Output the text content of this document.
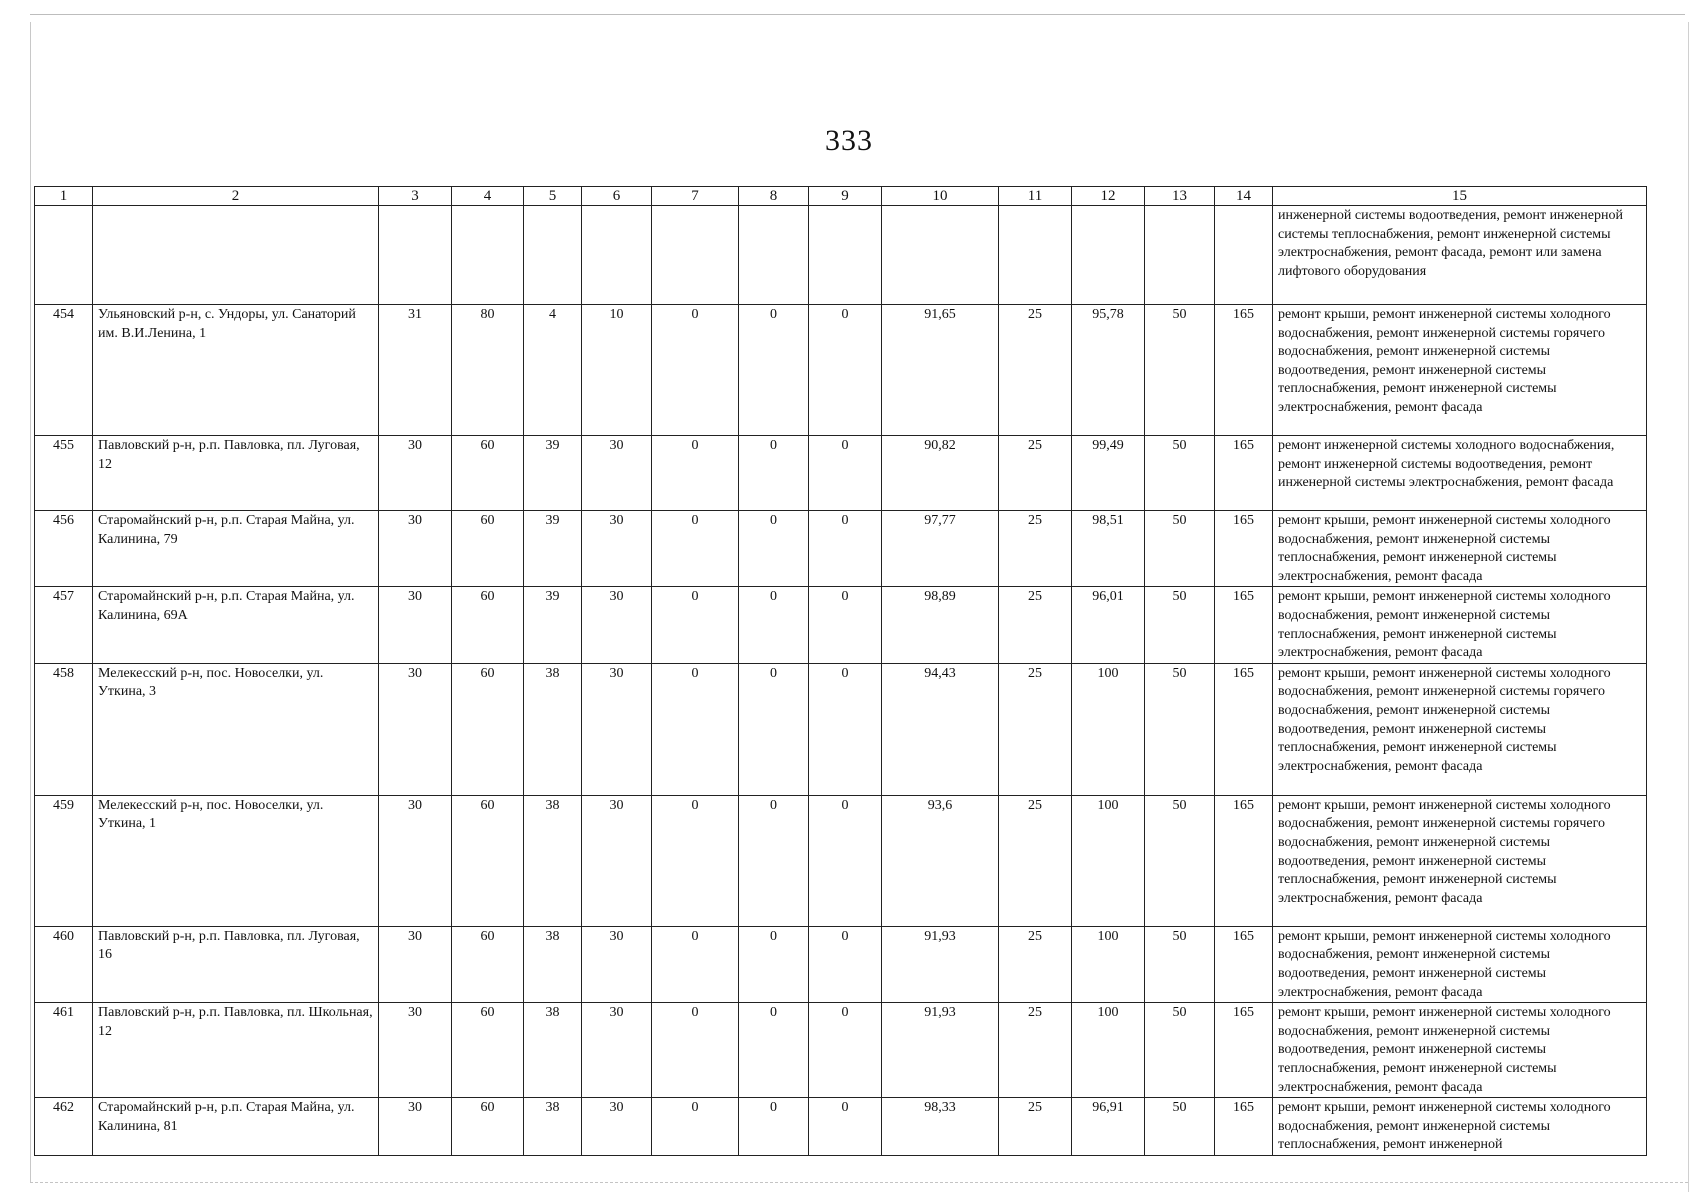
333
1	2	3	4	5	6	7	8	9	10	11	12	13	14	15
														инженерной системы водоотведения, ремонт инженерной системы теплоснабжения, ремонт инженерной системы электроснабжения, ремонт фасада, ремонт или замена лифтового оборудования
454	Ульяновский р-н, с. Ундоры, ул. Санаторий им. В.И.Ленина, 1	31	80	4	10	0	0	0	91,65	25	95,78	50	165	ремонт крыши, ремонт инженерной системы холодного водоснабжения, ремонт инженерной системы горячего водоснабжения, ремонт инженерной системы водоотведения, ремонт инженерной системы теплоснабжения, ремонт инженерной системы электроснабжения, ремонт фасада
455	Павловский р-н, р.п. Павловка, пл. Луговая, 12	30	60	39	30	0	0	0	90,82	25	99,49	50	165	ремонт инженерной системы холодного водоснабжения, ремонт инженерной системы водоотведения, ремонт инженерной системы электроснабжения, ремонт фасада
456	Старомайнский р-н, р.п. Старая Майна, ул. Калинина, 79	30	60	39	30	0	0	0	97,77	25	98,51	50	165	ремонт крыши, ремонт инженерной системы холодного водоснабжения, ремонт инженерной системы теплоснабжения, ремонт инженерной системы электроснабжения, ремонт фасада
457	Старомайнский р-н, р.п. Старая Майна, ул. Калинина, 69А	30	60	39	30	0	0	0	98,89	25	96,01	50	165	ремонт крыши, ремонт инженерной системы холодного водоснабжения, ремонт инженерной системы теплоснабжения, ремонт инженерной системы электроснабжения, ремонт фасада
458	Мелекесский р-н, пос. Новоселки, ул. Уткина, 3	30	60	38	30	0	0	0	94,43	25	100	50	165	ремонт крыши, ремонт инженерной системы холодного водоснабжения, ремонт инженерной системы горячего водоснабжения, ремонт инженерной системы водоотведения, ремонт инженерной системы теплоснабжения, ремонт инженерной системы электроснабжения, ремонт фасада
459	Мелекесский р-н, пос. Новоселки, ул. Уткина, 1	30	60	38	30	0	0	0	93,6	25	100	50	165	ремонт крыши, ремонт инженерной системы холодного водоснабжения, ремонт инженерной системы горячего водоснабжения, ремонт инженерной системы водоотведения, ремонт инженерной системы теплоснабжения, ремонт инженерной системы электроснабжения, ремонт фасада
460	Павловский р-н, р.п. Павловка, пл. Луговая, 16	30	60	38	30	0	0	0	91,93	25	100	50	165	ремонт крыши, ремонт инженерной системы холодного водоснабжения, ремонт инженерной системы водоотведения, ремонт инженерной системы электроснабжения, ремонт фасада
461	Павловский р-н, р.п. Павловка, пл. Школьная, 12	30	60	38	30	0	0	0	91,93	25	100	50	165	ремонт крыши, ремонт инженерной системы холодного водоснабжения, ремонт инженерной системы водоотведения, ремонт инженерной системы теплоснабжения, ремонт инженерной системы электроснабжения, ремонт фасада
462	Старомайнский р-н, р.п. Старая Майна, ул. Калинина, 81	30	60	38	30	0	0	0	98,33	25	96,91	50	165	ремонт крыши, ремонт инженерной системы холодного водоснабжения, ремонт инженерной системы теплоснабжения, ремонт инженерной
